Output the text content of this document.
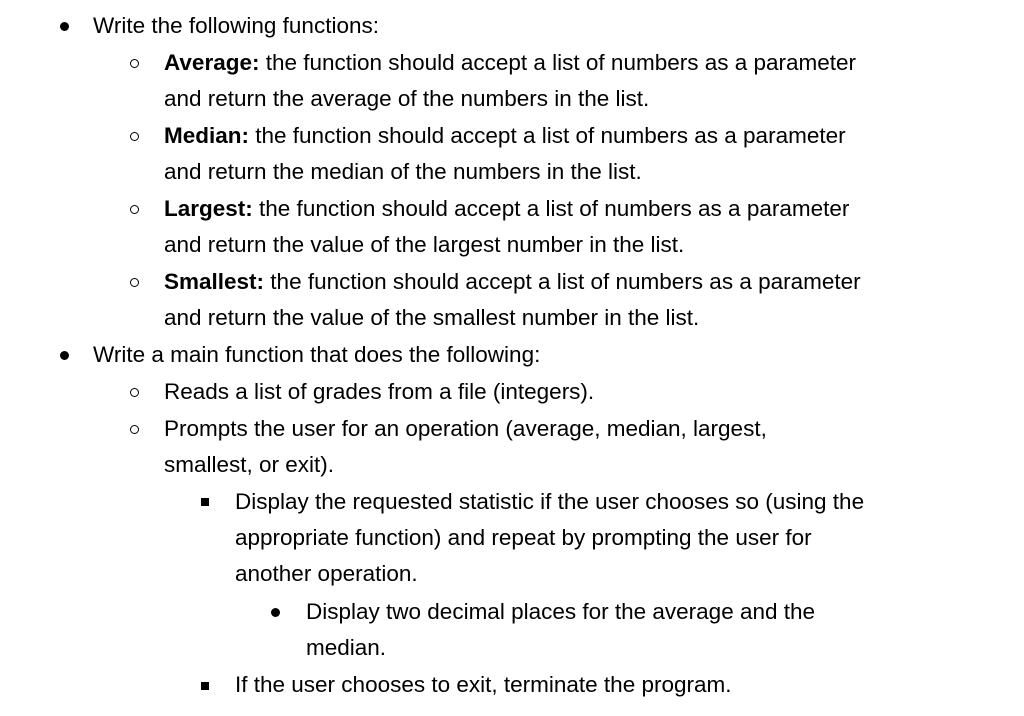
Write the following functions:
Average: the function should accept a list of numbers as a parameter
and return the average of the numbers in the list.
Median: the function should accept a list of numbers as a parameter
and return the median of the numbers in the list.
Largest: the function should accept a list of numbers as a parameter
and return the value of the largest number in the list.
Smallest: the function should accept a list of numbers as a parameter
and return the value of the smallest number in the list.
Write a main function that does the following:
Reads a list of grades from a file (integers).
Prompts the user for an operation (average, median, largest,
smallest, or exit).
Display the requested statistic if the user chooses so (using the
appropriate function) and repeat by prompting the user for
another operation.
Display two decimal places for the average and the
median.
If the user chooses to exit, terminate the program.
